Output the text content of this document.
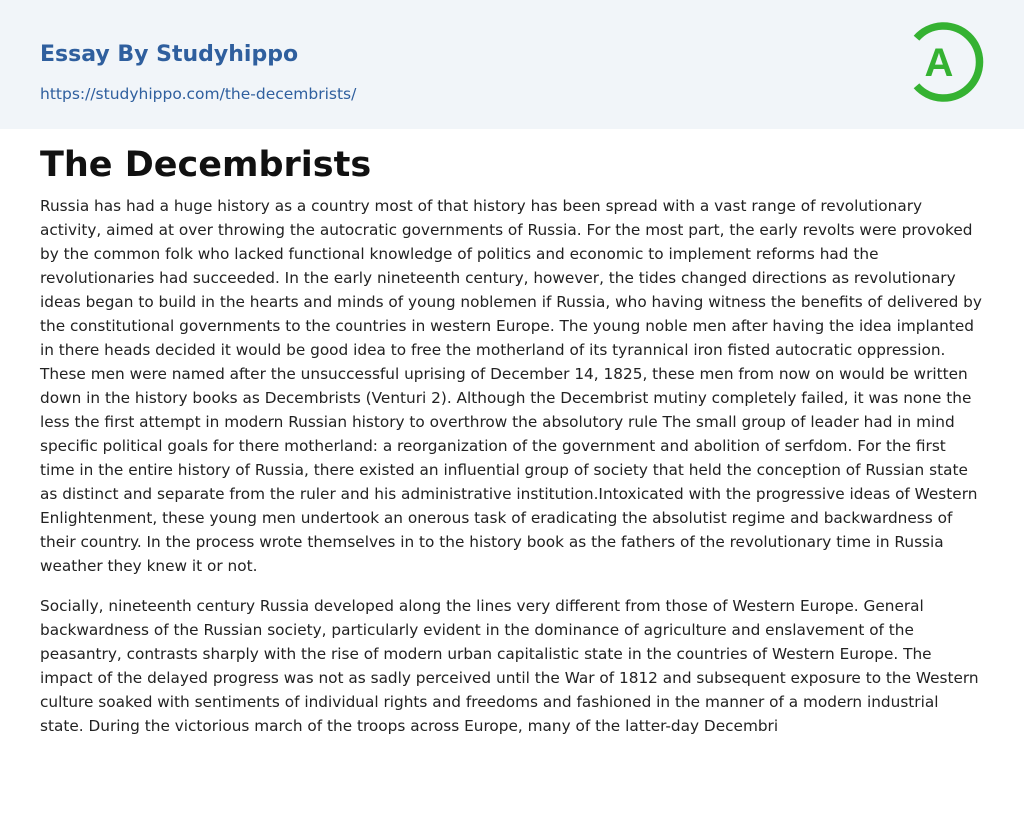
Essay By Studyhippo
https://studyhippo.com/the-decembrists/
A
The Decembrists

Russia has had a huge history as a country most of that history has been spread with a vast range of revolutionary activity, aimed at over throwing the autocratic governments of Russia. For the most part, the early revolts were provoked by the common folk who lacked functional knowledge of politics and economic to implement reforms had the revolutionaries had succeeded. In the early nineteenth century, however, the tides changed directions as revolutionary ideas began to build in the hearts and minds of young noblemen if Russia, who having witness the benefits of delivered by the constitutional governments to the countries in western Europe. The young noble men after having the idea implanted in there heads decided it would be good idea to free the motherland of its tyrannical iron fisted autocratic oppression. These men were named after the unsuccessful uprising of December 14, 1825, these men from now on would be written down in the history books as Decembrists (Venturi 2). Although the Decembrist mutiny completely failed, it was none the less the first attempt in modern Russian history to overthrow the absolutory rule The small group of leader had in mind specific political goals for there motherland: a reorganization of the government and abolition of serfdom. For the first time in the entire history of Russia, there existed an influential group of society that held the conception of Russian state as distinct and separate from the ruler and his administrative institution.Intoxicated with the progressive ideas of Western Enlightenment, these young men undertook an onerous task of eradicating the absolutist regime and backwardness of their country. In the process wrote themselves in to the history book as the fathers of the revolutionary time in Russia weather they knew it or not.

Socially, nineteenth century Russia developed along the lines very different from those of Western Europe. General backwardness of the Russian society, particularly evident in the dominance of agriculture and enslavement of the peasantry, contrasts sharply with the rise of modern urban capitalistic state in the countries of Western Europe. The impact of the delayed progress was not as sadly perceived until the War of 1812 and subsequent exposure to the Western culture soaked with sentiments of individual rights and freedoms and fashioned in the manner of a modern industrial state. During the victorious march of the troops across Europe, many of the latter-day Decembri
